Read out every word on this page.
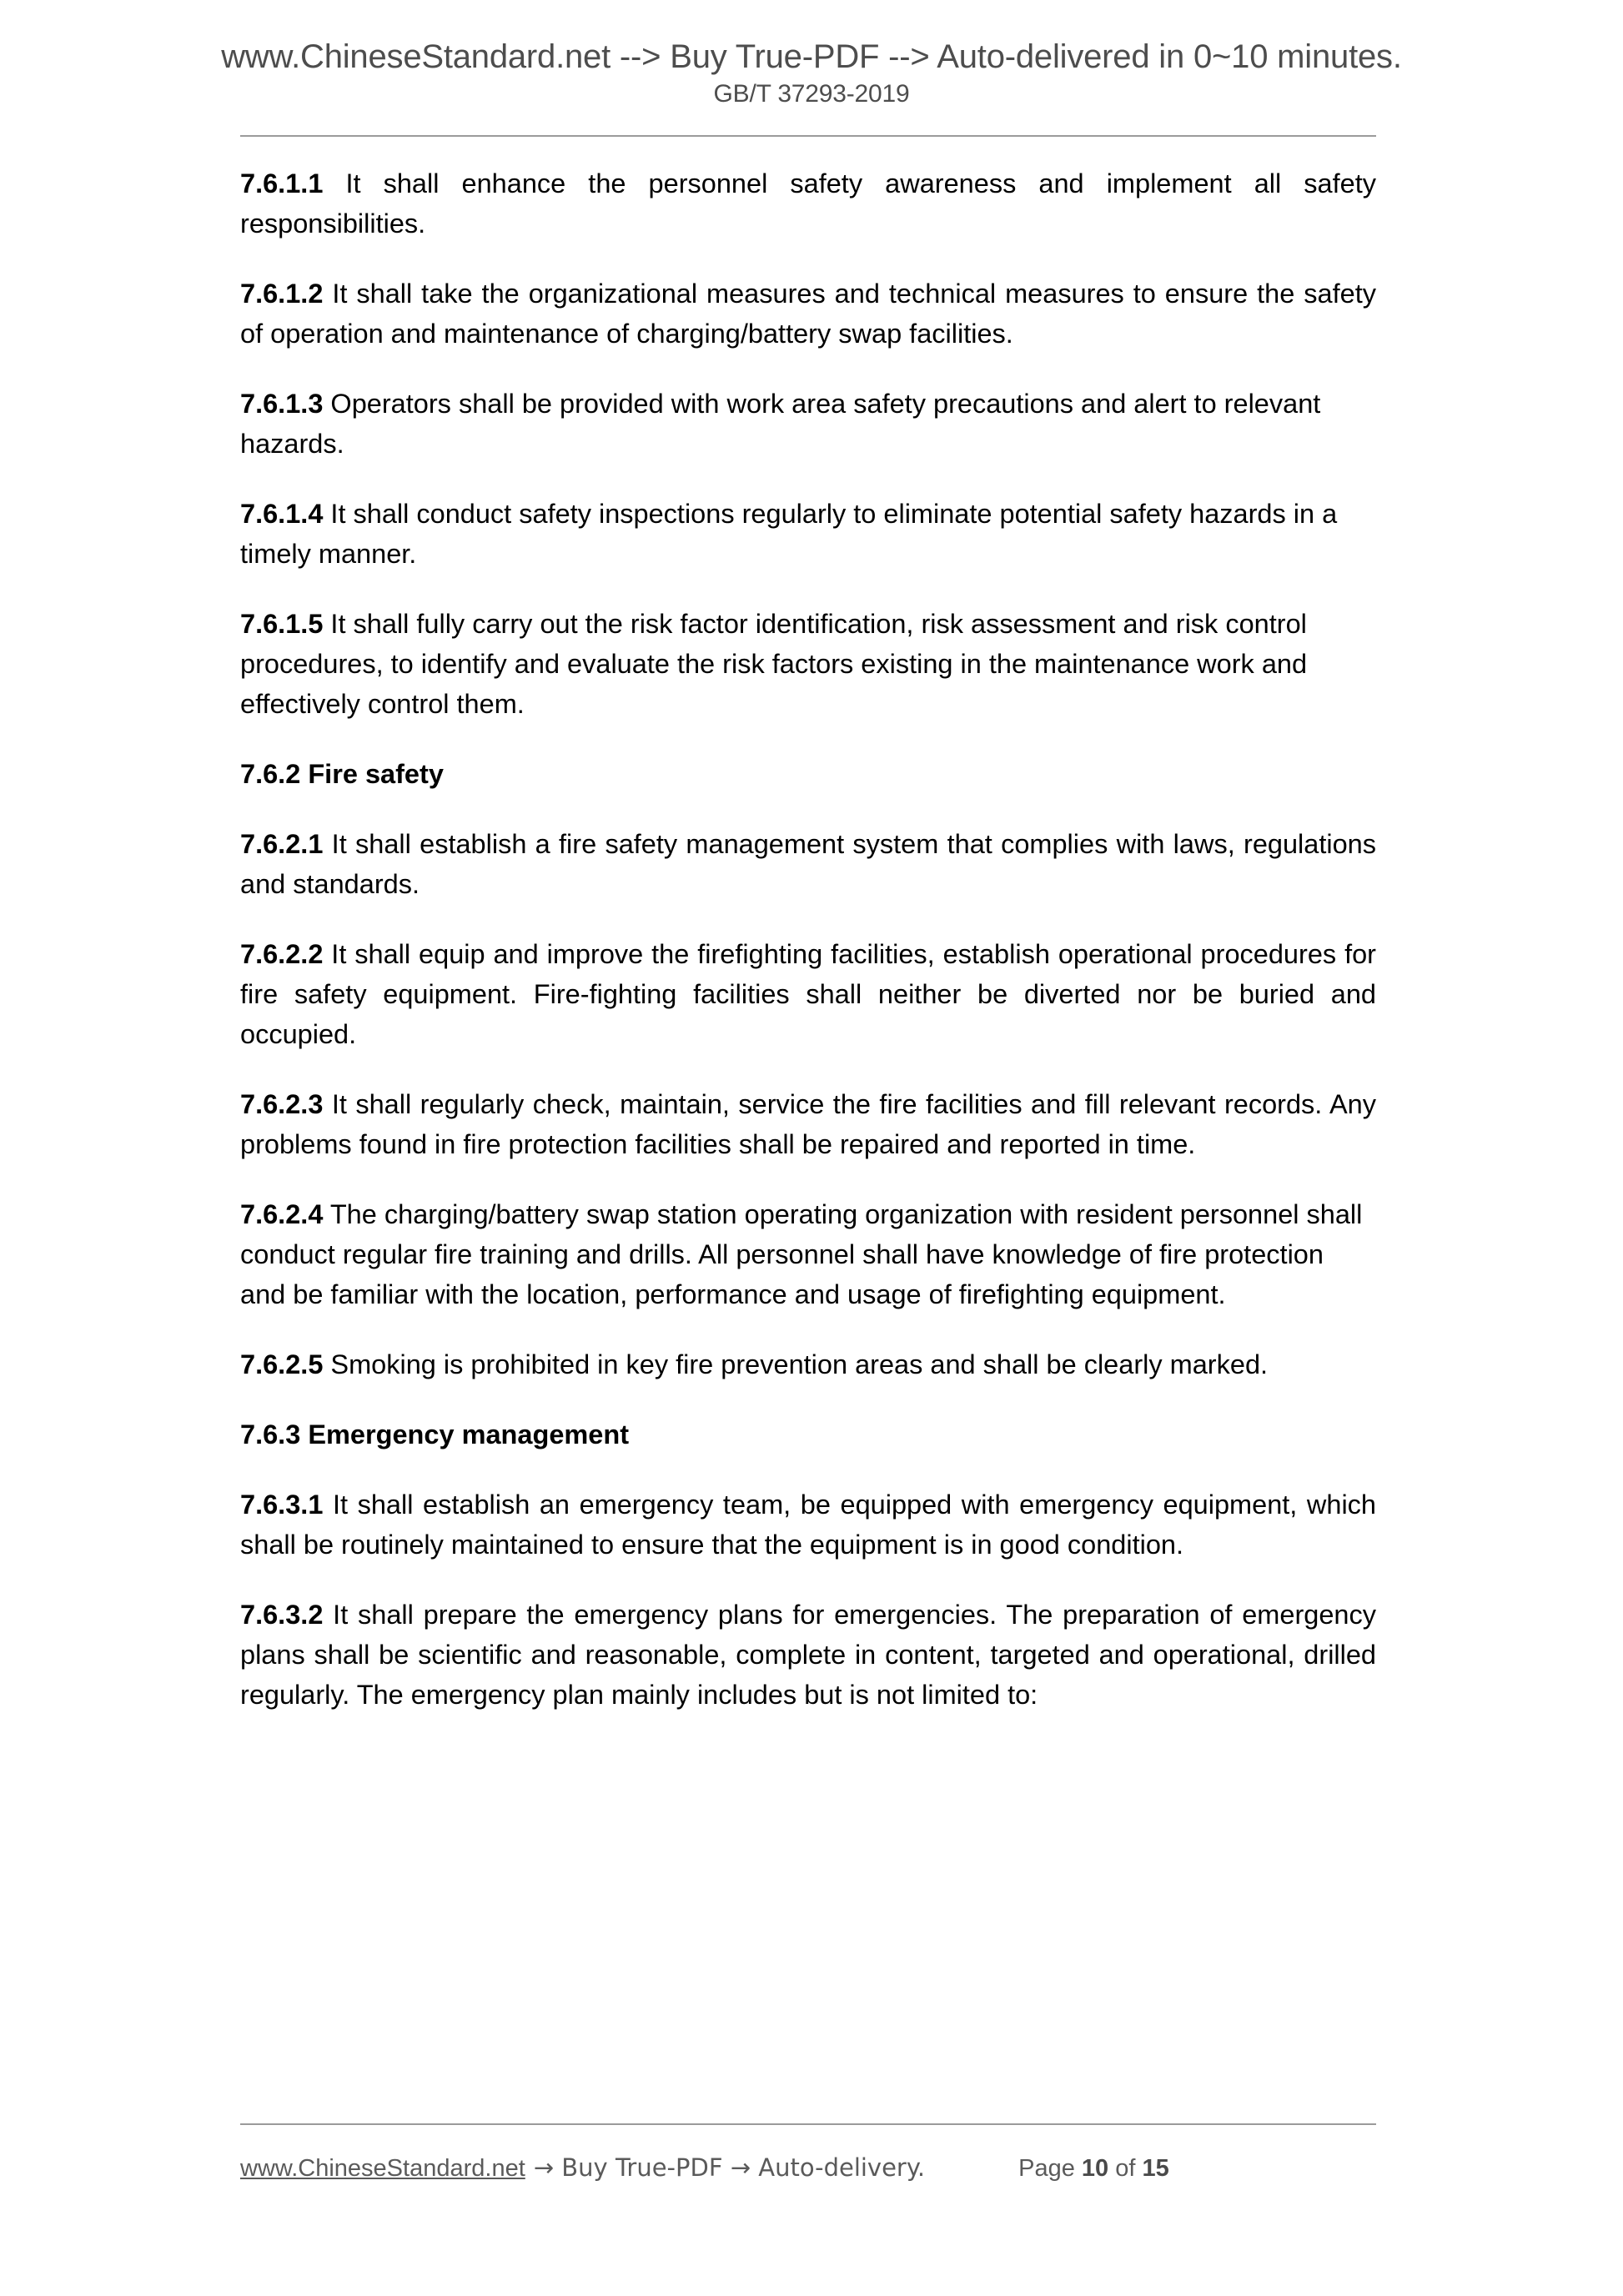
www.ChineseStandard.net --> Buy True-PDF --> Auto-delivered in 0~10 minutes.
GB/T 37293-2019

7.6.1.1 It shall enhance the personnel safety awareness and implement all safety responsibilities.

7.6.1.2 It shall take the organizational measures and technical measures to ensure the safety of operation and maintenance of charging/battery swap facilities.

7.6.1.3 Operators shall be provided with work area safety precautions and alert to relevant hazards.

7.6.1.4 It shall conduct safety inspections regularly to eliminate potential safety hazards in a timely manner.

7.6.1.5 It shall fully carry out the risk factor identification, risk assessment and risk control procedures, to identify and evaluate the risk factors existing in the maintenance work and effectively control them.

7.6.2 Fire safety

7.6.2.1 It shall establish a fire safety management system that complies with laws, regulations and standards.

7.6.2.2 It shall equip and improve the firefighting facilities, establish operational procedures for fire safety equipment. Fire-fighting facilities shall neither be diverted nor be buried and occupied.

7.6.2.3 It shall regularly check, maintain, service the fire facilities and fill relevant records. Any problems found in fire protection facilities shall be repaired and reported in time.

7.6.2.4 The charging/battery swap station operating organization with resident personnel shall conduct regular fire training and drills. All personnel shall have knowledge of fire protection and be familiar with the location, performance and usage of firefighting equipment.

7.6.2.5 Smoking is prohibited in key fire prevention areas and shall be clearly marked.

7.6.3 Emergency management

7.6.3.1 It shall establish an emergency team, be equipped with emergency equipment, which shall be routinely maintained to ensure that the equipment is in good condition.

7.6.3.2 It shall prepare the emergency plans for emergencies. The preparation of emergency plans shall be scientific and reasonable, complete in content, targeted and operational, drilled regularly. The emergency plan mainly includes but is not limited to:

www.ChineseStandard.net → Buy True-PDF → Auto-delivery.	Page 10 of 15
